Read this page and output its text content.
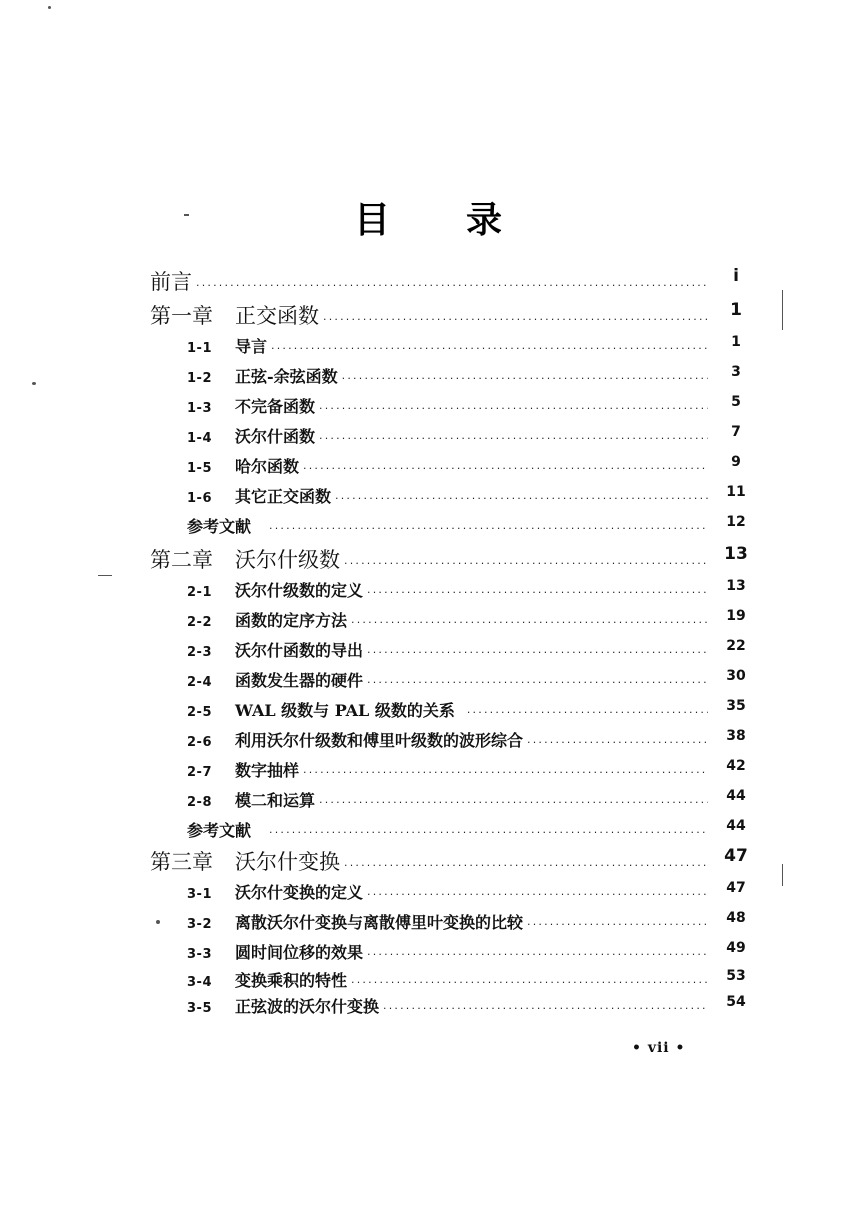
目 录
前言 ·····	i
第一章 正交函数 ·····	1
1-1	导言 ·····	1
1-2	正弦-余弦函数 ·····	3
1-3	不完备函数 ·····	5
1-4	沃尔什函数 ·····	7
1-5	哈尔函数 ·····	9
1-6	其它正交函数 ·····	11
参考文献 ·····	12
第二章 沃尔什级数 ·····	13
2-1	沃尔什级数的定义 ·····	13
2-2	函数的定序方法 ·····	19
2-3	沃尔什函数的导出 ·····	22
2-4	函数发生器的硬件 ·····	30
2-5	WAL 级数与 PAL 级数的关系 ·····	35
2-6	利用沃尔什级数和傅里叶级数的波形综合 ·····	38
2-7	数字抽样 ·····	42
2-8	模二和运算 ·····	44
参考文献 ·····	44
第三章 沃尔什变换 ·····	47
3-1	沃尔什变换的定义 ·····	47
3-2	离散沃尔什变换与离散傅里叶变换的比较 ·····	48
3-3	圆时间位移的效果 ·····	49
3-4	变换乘积的特性 ·····	53
3-5	正弦波的沃尔什变换 ·····	54
• vii •
